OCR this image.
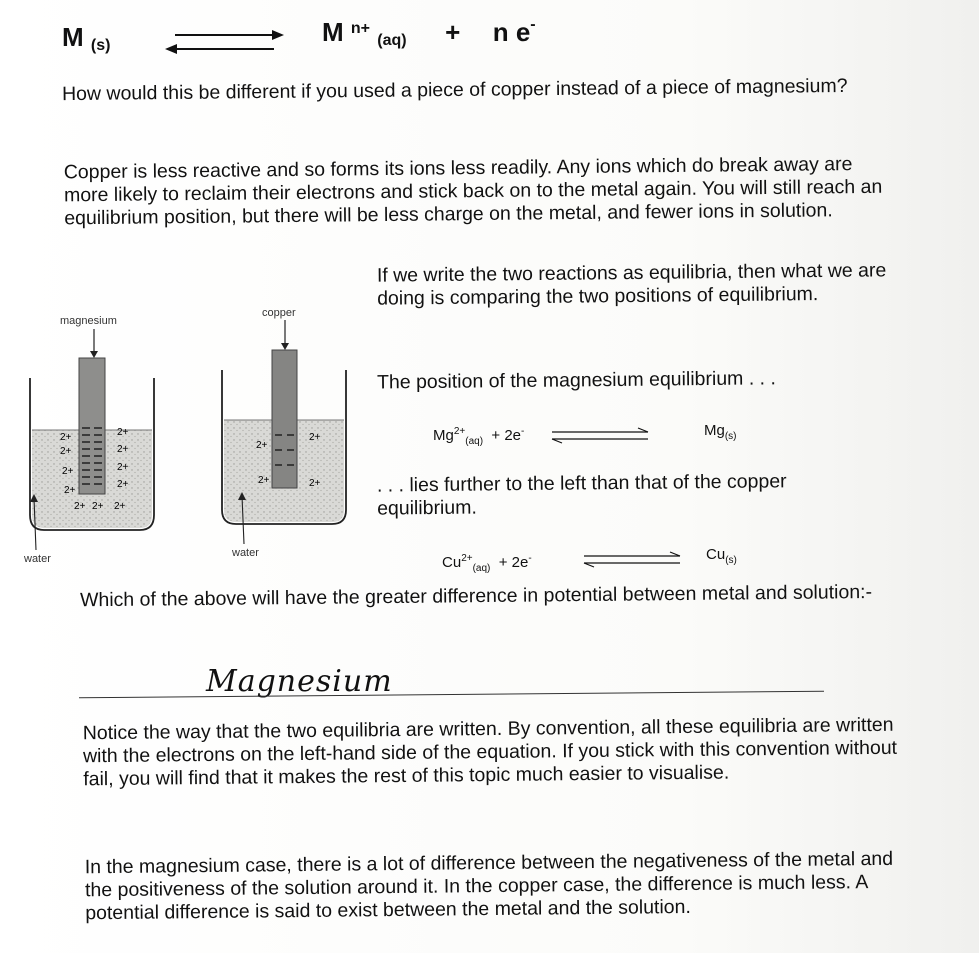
M $_{(s)}$	M $^{n+}$ $_{(aq)}$ + n e-
How would this be different if you used a piece of copper instead of a piece of magnesium?
Copper is less reactive and so forms its ions less readily. Any ions which do break away are more likely to reclaim their electrons and stick back on to the metal again. You will still reach an equilibrium position, but there will be less charge on the metal, and fewer ions in solution.
2+	2+
2+	2+
2+	2+
2+
2+
2+ 2+ 2+
magnesium
2+
2+
2+	2+
copper
water	water
If we write the two reactions as equilibria, then what we are doing is comparing the two positions of equilibrium.
The position of the magnesium equilibrium . . .
$Mg^{2+}_{(aq)} + 2e^-$	$Mg_{(s)}$
. . . lies further to the left than that of the copper equilibrium.
$Cu^{2+}_{(aq)} + 2e^-$	$Cu_{(s)}$
Which of the above will have the greater difference in potential between metal and solution:-
Magnesium
Notice the way that the two equilibria are written. By convention, all these equilibria are written with the electrons on the left-hand side of the equation. If you stick with this convention without fail, you will find that it makes the rest of this topic much easier to visualise.
In the magnesium case, there is a lot of difference between the negativeness of the metal and the positiveness of the solution around it. In the copper case, the difference is much less. A potential difference is said to exist between the metal and the solution.
